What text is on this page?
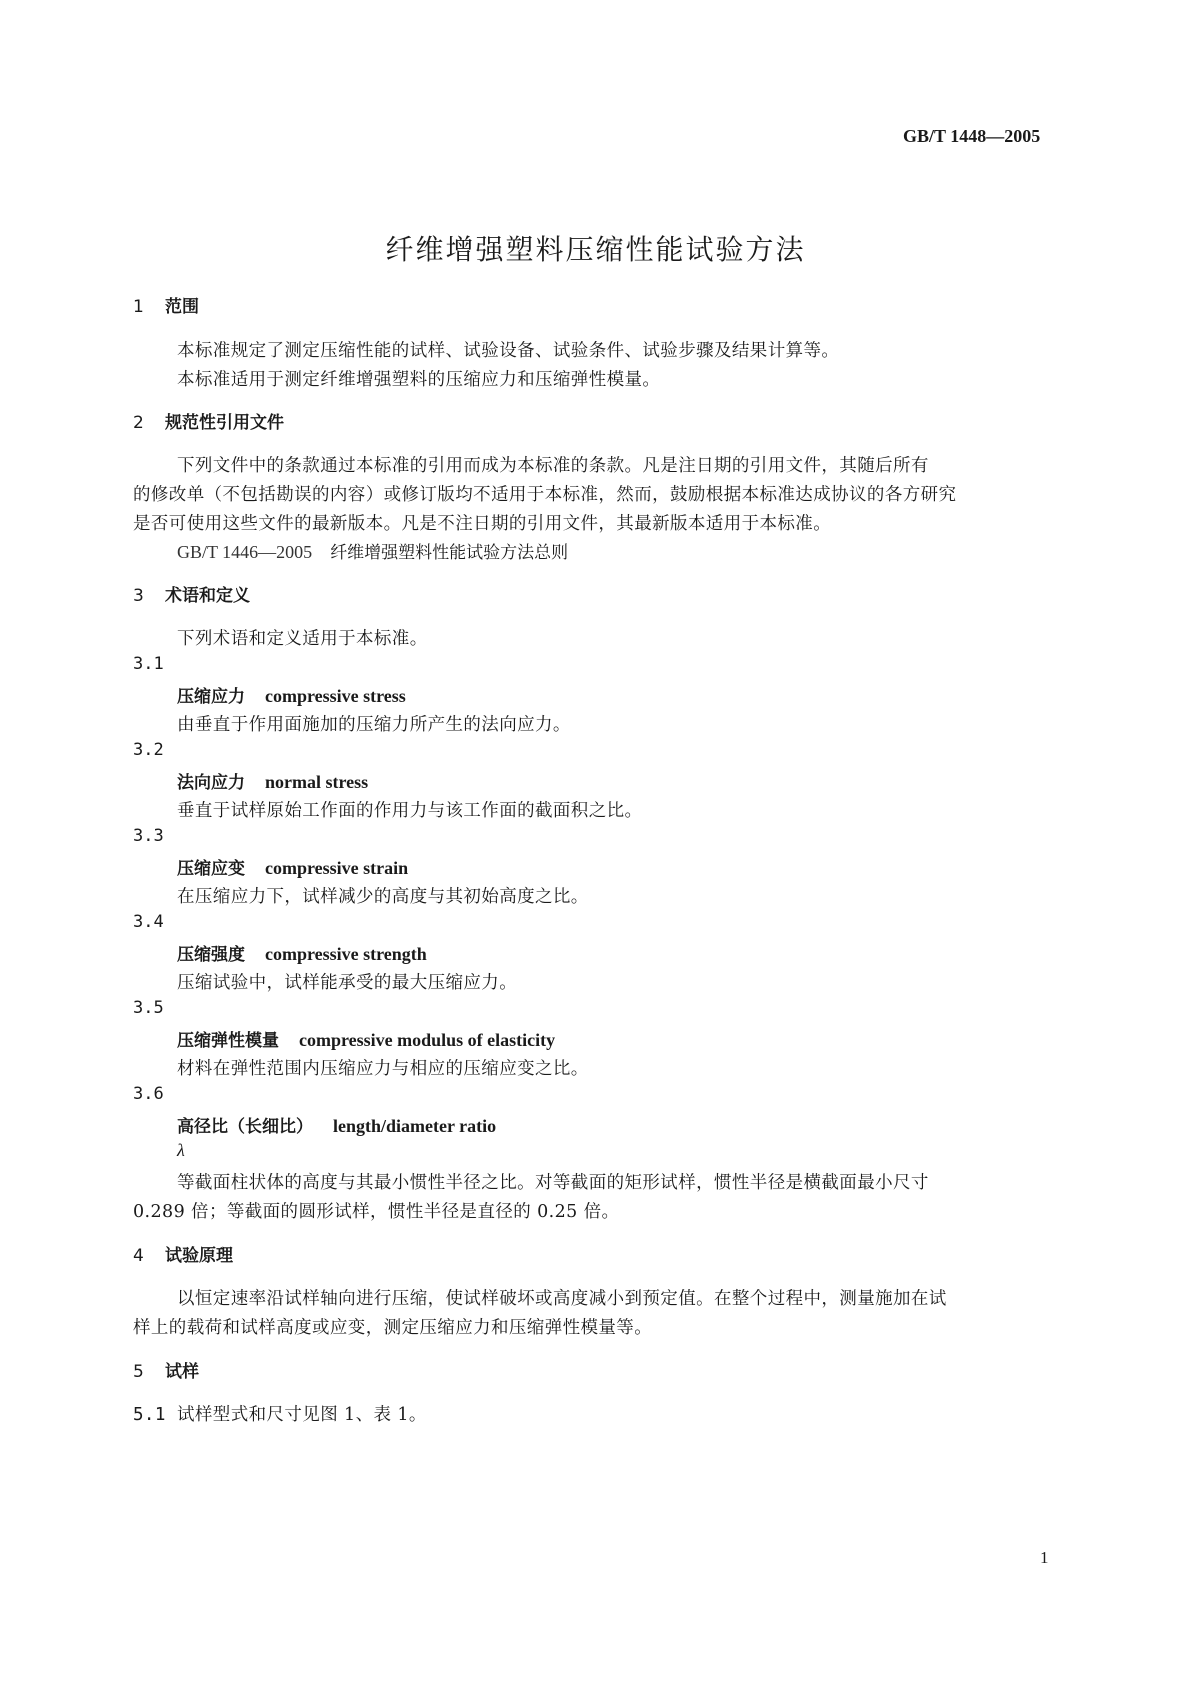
GB/T 1448—2005
纤维增强塑料压缩性能试验方法
1 范围
本标准规定了测定压缩性能的试样、试验设备、试验条件、试验步骤及结果计算等。
本标准适用于测定纤维增强塑料的压缩应力和压缩弹性模量。
2 规范性引用文件
下列文件中的条款通过本标准的引用而成为本标准的条款。凡是注日期的引用文件，其随后所有
的修改单（不包括勘误的内容）或修订版均不适用于本标准，然而，鼓励根据本标准达成协议的各方研究
是否可使用这些文件的最新版本。凡是不注日期的引用文件，其最新版本适用于本标准。
GB/T 1446—2005 纤维增强塑料性能试验方法总则
3 术语和定义
下列术语和定义适用于本标准。
3.1
压缩应力 compressive stress
由垂直于作用面施加的压缩力所产生的法向应力。
3.2
法向应力 normal stress
垂直于试样原始工作面的作用力与该工作面的截面积之比。
3.3
压缩应变 compressive strain
在压缩应力下，试样减少的高度与其初始高度之比。
3.4
压缩强度 compressive strength
压缩试验中，试样能承受的最大压缩应力。
3.5
压缩弹性模量 compressive modulus of elasticity
材料在弹性范围内压缩应力与相应的压缩应变之比。
3.6
高径比（长细比） length/diameter ratio
λ
等截面柱状体的高度与其最小惯性半径之比。对等截面的矩形试样，惯性半径是横截面最小尺寸
0.289 倍；等截面的圆形试样，惯性半径是直径的 0.25 倍。
4 试验原理
以恒定速率沿试样轴向进行压缩，使试样破坏或高度减小到预定值。在整个过程中，测量施加在试
样上的载荷和试样高度或应变，测定压缩应力和压缩弹性模量等。
5 试样
5.1 试样型式和尺寸见图 1、表 1。
1
